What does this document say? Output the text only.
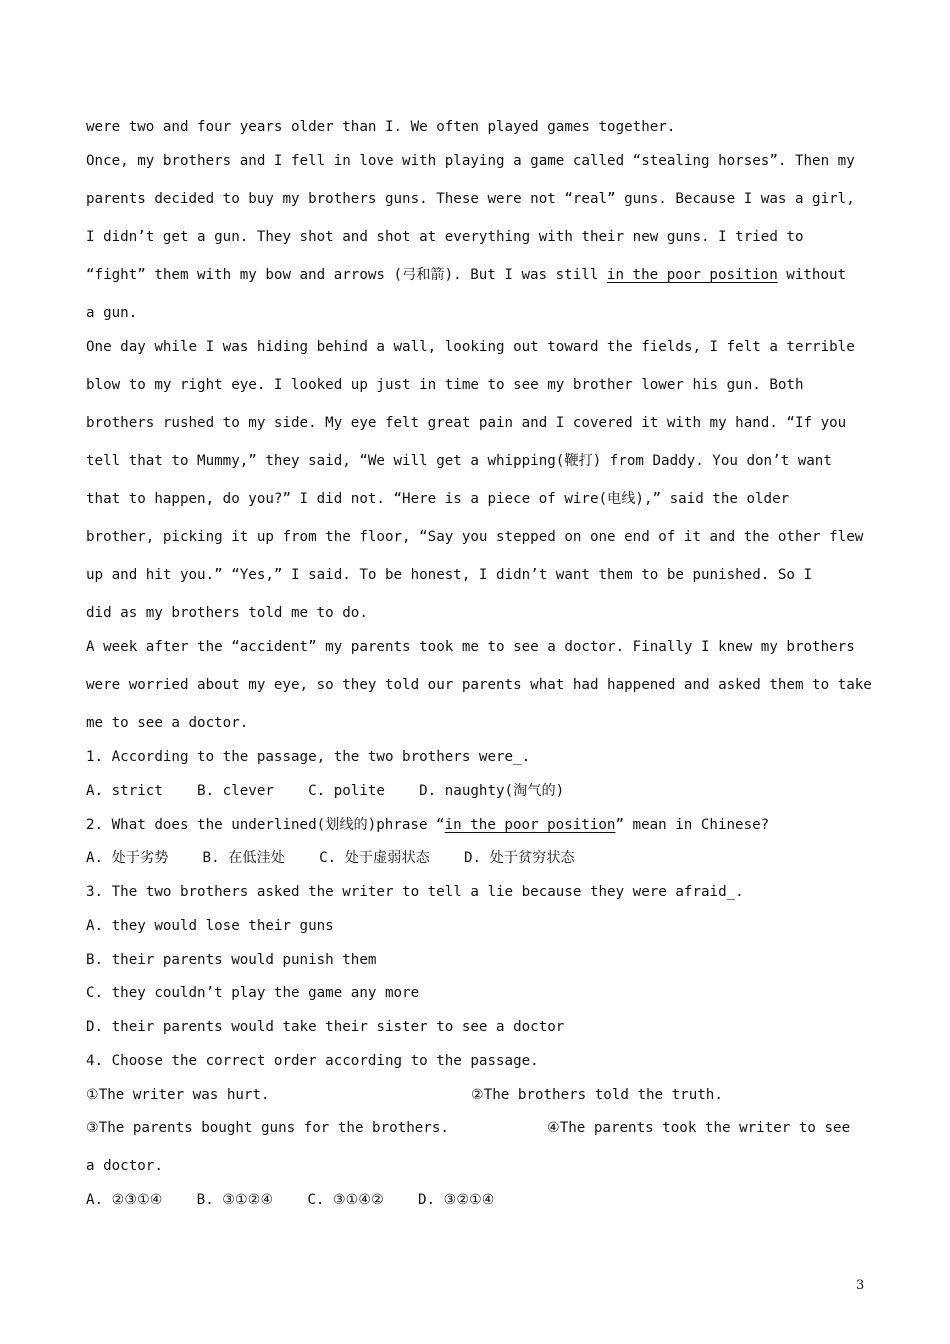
were two and four years older than I. We often played games together.
Once, my brothers and I fell in love with playing a game called “stealing horses”. Then my
parents decided to buy my brothers guns. These were not “real” guns. Because I was a girl,
I didn’t get a gun. They shot and shot at everything with their new guns. I tried to
“fight” them with my bow and arrows (弓和箭). But I was still in the poor position without
a gun.
One day while I was hiding behind a wall, looking out toward the fields, I felt a terrible
blow to my right eye. I looked up just in time to see my brother lower his gun. Both
brothers rushed to my side. My eye felt great pain and I covered it with my hand. “If you
tell that to Mummy,” they said, “We will get a whipping(鞭打) from Daddy. You don’t want
that to happen, do you?” I did not. “Here is a piece of wire(电线),” said the older
brother, picking it up from the floor, “Say you stepped on one end of it and the other flew
up and hit you.” “Yes,” I said. To be honest, I didn’t want them to be punished. So I
did as my brothers told me to do.
A week after the “accident” my parents took me to see a doctor. Finally I knew my brothers
were worried about my eye, so they told our parents what had happened and asked them to take
me to see a doctor.
1. According to the passage, the two brothers were_.
A. strict    B. clever    C. polite    D. naughty(淘气的)
2. What does the underlined(划线的)phrase “in the poor position” mean in Chinese?
A. 处于劣势    B. 在低洼处    C. 处于虚弱状态    D. 处于贫穷状态
3. The two brothers asked the writer to tell a lie because they were afraid_.
A. they would lose their guns
B. their parents would punish them
C. they couldn’t play the game any more
D. their parents would take their sister to see a doctor
4. Choose the correct order according to the passage.
①The writer was hurt.	②The brothers told the truth.
③The parents bought guns for the brothers.	④The parents took the writer to see
a doctor.
A. ②③①④    B. ③①②④    C. ③①④②    D. ③②①④
3
